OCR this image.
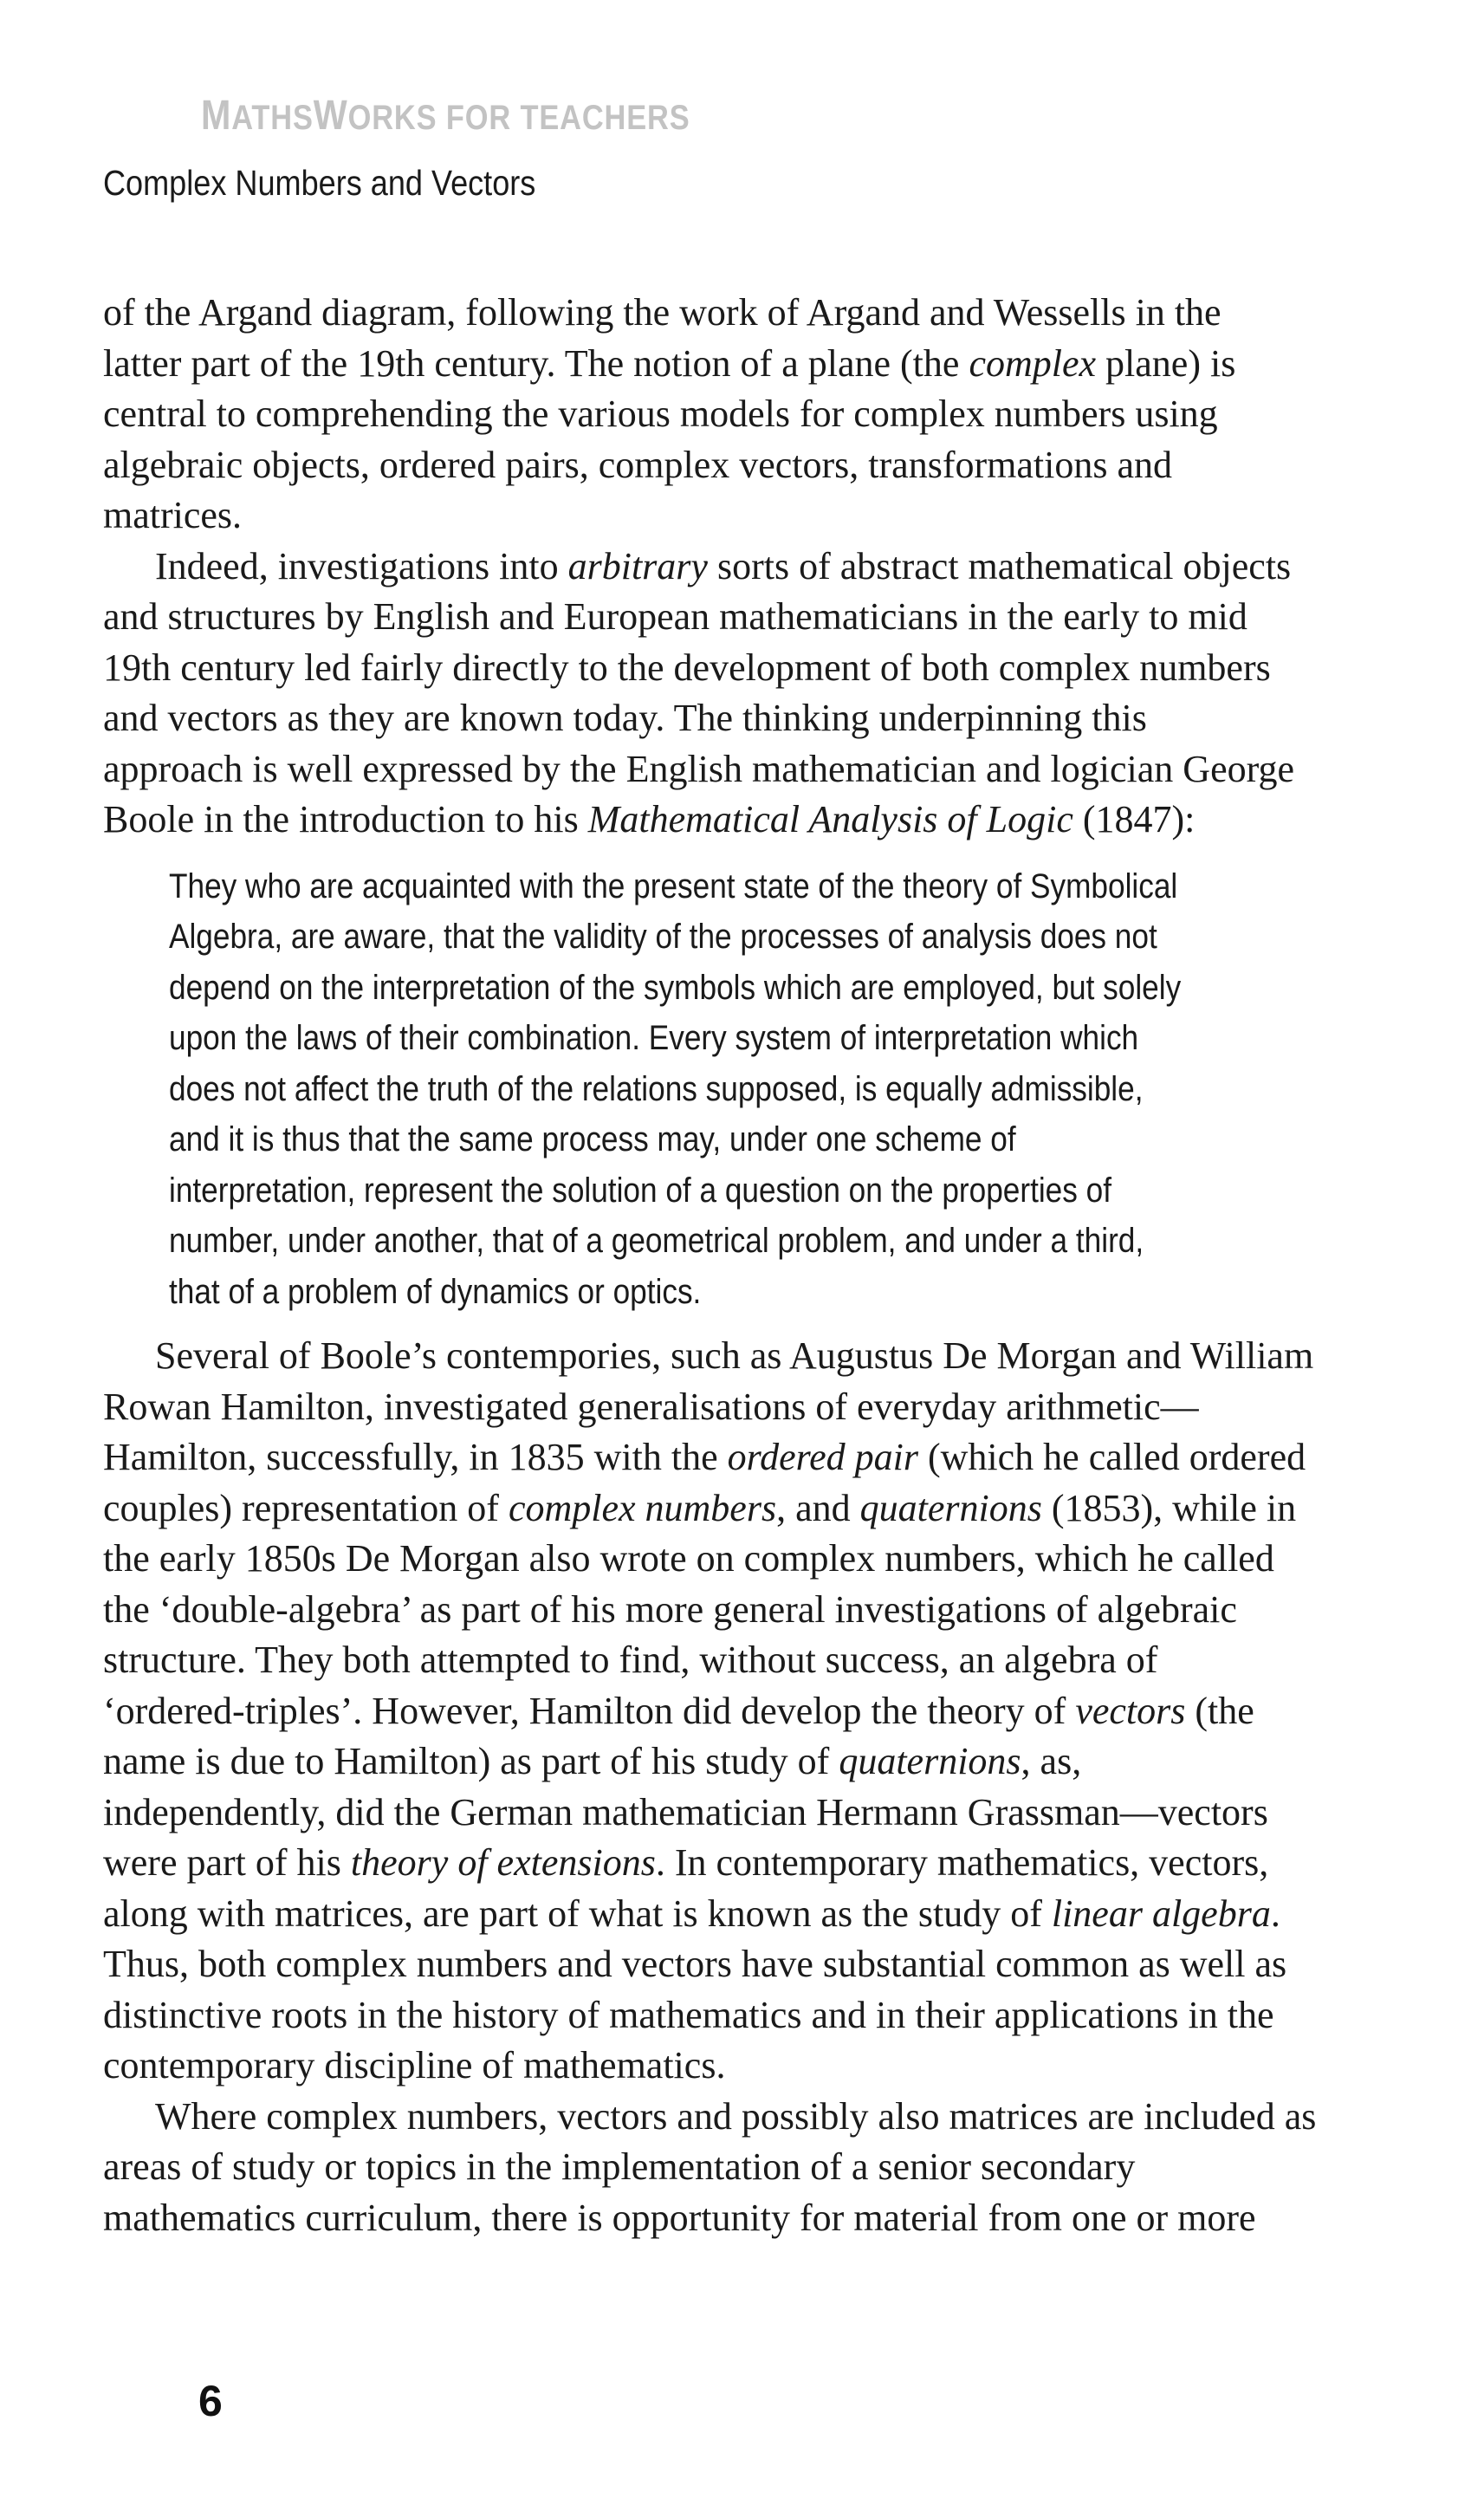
MATHSWORKS FOR TEACHERS
Complex Numbers and Vectors
of the Argand diagram, following the work of Argand and Wessells in the
latter part of the 19th century. The notion of a plane (the complex plane) is
central to comprehending the various models for complex numbers using
algebraic objects, ordered pairs, complex vectors, transformations and
matrices.
Indeed, investigations into arbitrary sorts of abstract mathematical objects
and structures by English and European mathematicians in the early to mid
19th century led fairly directly to the development of both complex numbers
and vectors as they are known today. The thinking underpinning this
approach is well expressed by the English mathematician and logician George
Boole in the introduction to his Mathematical Analysis of Logic (1847):
They who are acquainted with the present state of the theory of Symbolical
Algebra, are aware, that the validity of the processes of analysis does not
depend on the interpretation of the symbols which are employed, but solely
upon the laws of their combination. Every system of interpretation which
does not affect the truth of the relations supposed, is equally admissible,
and it is thus that the same process may, under one scheme of
interpretation, represent the solution of a question on the properties of
number, under another, that of a geometrical problem, and under a third,
that of a problem of dynamics or optics.
Several of Boole’s contempories, such as Augustus De Morgan and William
Rowan Hamilton, investigated generalisations of everyday arithmetic—
Hamilton, successfully, in 1835 with the ordered pair (which he called ordered
couples) representation of complex numbers, and quaternions (1853), while in
the early 1850s De Morgan also wrote on complex numbers, which he called
the ‘double-algebra’ as part of his more general investigations of algebraic
structure. They both attempted to find, without success, an algebra of
‘ordered-triples’. However, Hamilton did develop the theory of vectors (the
name is due to Hamilton) as part of his study of quaternions, as,
independently, did the German mathematician Hermann Grassman—vectors
were part of his theory of extensions. In contemporary mathematics, vectors,
along with matrices, are part of what is known as the study of linear algebra.
Thus, both complex numbers and vectors have substantial common as well as
distinctive roots in the history of mathematics and in their applications in the
contemporary discipline of mathematics.
Where complex numbers, vectors and possibly also matrices are included as
areas of study or topics in the implementation of a senior secondary
mathematics curriculum, there is opportunity for material from one or more
6
